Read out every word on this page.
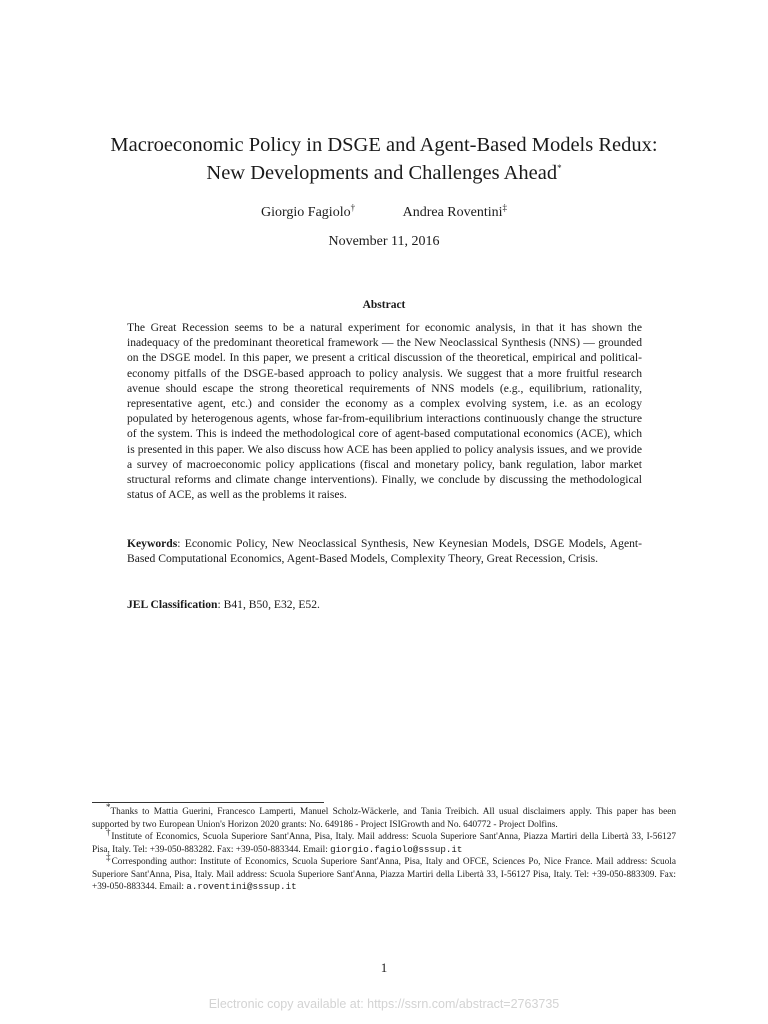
Macroeconomic Policy in DSGE and Agent-Based Models Redux:
New Developments and Challenges Ahead*
Giorgio Fagiolo†	Andrea Roventini‡
November 11, 2016
Abstract
The Great Recession seems to be a natural experiment for economic analysis, in that it has shown the inadequacy of the predominant theoretical framework — the New Neoclassical Synthesis (NNS) — grounded on the DSGE model. In this paper, we present a critical discussion of the theoretical, empirical and political-economy pitfalls of the DSGE-based approach to policy analysis. We suggest that a more fruitful research avenue should escape the strong theoretical requirements of NNS models (e.g., equilibrium, rationality, representative agent, etc.) and consider the economy as a complex evolving system, i.e. as an ecology populated by heterogenous agents, whose far-from-equilibrium interactions continuously change the structure of the system. This is indeed the methodological core of agent-based computational economics (ACE), which is presented in this paper. We also discuss how ACE has been applied to policy analysis issues, and we provide a survey of macroeconomic policy applications (fiscal and monetary policy, bank regulation, labor market structural reforms and climate change interventions). Finally, we conclude by discussing the methodological status of ACE, as well as the problems it raises.
Keywords: Economic Policy, New Neoclassical Synthesis, New Keynesian Models, DSGE Models, Agent-Based Computational Economics, Agent-Based Models, Complexity Theory, Great Recession, Crisis.
JEL Classification: B41, B50, E32, E52.

*Thanks to Mattia Guerini, Francesco Lamperti, Manuel Scholz-Wäckerle, and Tania Treibich. All usual disclaimers apply. This paper has been supported by two European Union's Horizon 2020 grants: No. 649186 - Project ISIGrowth and No. 640772 - Project Dolfins.

†Institute of Economics, Scuola Superiore Sant'Anna, Pisa, Italy. Mail address: Scuola Superiore Sant'Anna, Piazza Martiri della Libertà 33, I-56127 Pisa, Italy. Tel: +39-050-883282. Fax: +39-050-883344. Email: giorgio.fagiolo@sssup.it

‡Corresponding author: Institute of Economics, Scuola Superiore Sant'Anna, Pisa, Italy and OFCE, Sciences Po, Nice France. Mail address: Scuola Superiore Sant'Anna, Pisa, Italy. Mail address: Scuola Superiore Sant'Anna, Piazza Martiri della Libertà 33, I-56127 Pisa, Italy. Tel: +39-050-883309. Fax: +39-050-883344. Email: a.roventini@sssup.it

1
Electronic copy available at: https://ssrn.com/abstract=2763735
